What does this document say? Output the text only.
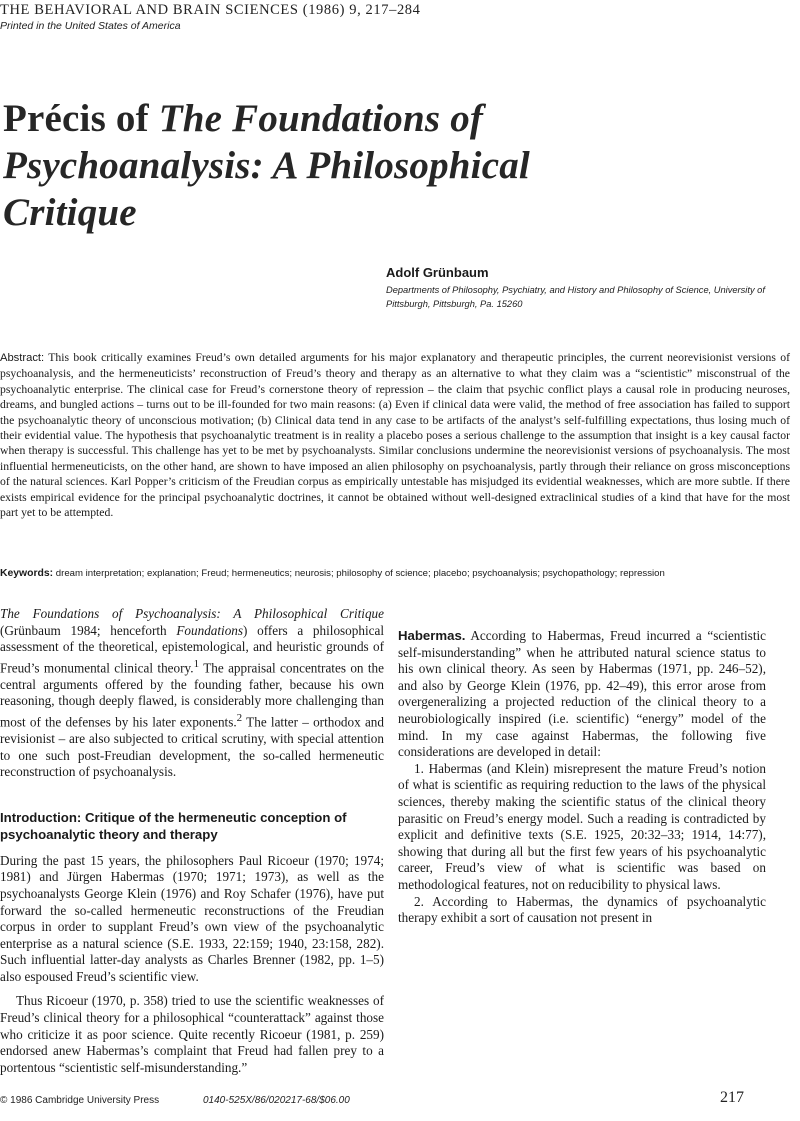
THE BEHAVIORAL AND BRAIN SCIENCES (1986) 9, 217–284
Printed in the United States of America
Précis of The Foundations of Psychoanalysis: A Philosophical Critique
Adolf Grünbaum
Departments of Philosophy, Psychiatry, and History and Philosophy of Science, University of Pittsburgh, Pittsburgh, Pa. 15260
Abstract: This book critically examines Freud’s own detailed arguments for his major explanatory and therapeutic principles, the current neorevisionist versions of psychoanalysis, and the hermeneuticists’ reconstruction of Freud’s theory and therapy as an alternative to what they claim was a “scientistic” misconstrual of the psychoanalytic enterprise. The clinical case for Freud’s cornerstone theory of repression – the claim that psychic conflict plays a causal role in producing neuroses, dreams, and bungled actions – turns out to be ill-founded for two main reasons: (a) Even if clinical data were valid, the method of free association has failed to support the psychoanalytic theory of unconscious motivation; (b) Clinical data tend in any case to be artifacts of the analyst’s self-fulfilling expectations, thus losing much of their evidential value. The hypothesis that psychoanalytic treatment is in reality a placebo poses a serious challenge to the assumption that insight is a key causal factor when therapy is successful. This challenge has yet to be met by psychoanalysts. Similar conclusions undermine the neorevisionist versions of psychoanalysis. The most influential hermeneuticists, on the other hand, are shown to have imposed an alien philosophy on psychoanalysis, partly through their reliance on gross misconceptions of the natural sciences. Karl Popper’s criticism of the Freudian corpus as empirically untestable has misjudged its evidential weaknesses, which are more subtle. If there exists empirical evidence for the principal psychoanalytic doctrines, it cannot be obtained without well-designed extraclinical studies of a kind that have for the most part yet to be attempted.
Keywords: dream interpretation; explanation; Freud; hermeneutics; neurosis; philosophy of science; placebo; psychoanalysis; psychopathology; repression

The Foundations of Psychoanalysis: A Philosophical Critique (Grünbaum 1984; henceforth Foundations) offers a philosophical assessment of the theoretical, epistemological, and heuristic grounds of Freud’s monumental clinical theory.$^1$ The appraisal concentrates on the central arguments offered by the founding father, because his own reasoning, though deeply flawed, is considerably more challenging than most of the defenses by his later exponents.$^2$ The latter – orthodox and revisionist – are also subjected to critical scrutiny, with special attention to one such post-Freudian development, the so-called hermeneutic reconstruction of psychoanalysis.

Introduction: Critique of the hermeneutic conception of psychoanalytic theory and therapy

During the past 15 years, the philosophers Paul Ricoeur (1970; 1974; 1981) and Jürgen Habermas (1970; 1971; 1973), as well as the psychoanalysts George Klein (1976) and Roy Schafer (1976), have put forward the so-called hermeneutic reconstructions of the Freudian corpus in order to supplant Freud’s own view of the psychoanalytic enterprise as a natural science (S.E. 1933, 22:159; 1940, 23:158, 282). Such influential latter-day analysts as Charles Brenner (1982, pp. 1–5) also espoused Freud’s scientific view.

Thus Ricoeur (1970, p. 358) tried to use the scientific weaknesses of Freud’s clinical theory for a philosophical “counterattack” against those who criticize it as poor science. Quite recently Ricoeur (1981, p. 259) endorsed anew Habermas’s complaint that Freud had fallen prey to a portentous “scientistic self-misunderstanding.”

Habermas. According to Habermas, Freud incurred a “scientistic self-misunderstanding” when he attributed natural science status to his own clinical theory. As seen by Habermas (1971, pp. 246–52), and also by George Klein (1976, pp. 42–49), this error arose from overgeneralizing a projected reduction of the clinical theory to a neurobiologically inspired (i.e. scientific) “energy” model of the mind. In my case against Habermas, the following five considerations are developed in detail:

1. Habermas (and Klein) misrepresent the mature Freud’s notion of what is scientific as requiring reduction to the laws of the physical sciences, thereby making the scientific status of the clinical theory parasitic on Freud’s energy model. Such a reading is contradicted by explicit and definitive texts (S.E. 1925, 20:32–33; 1914, 14:77), showing that during all but the first few years of his psychoanalytic career, Freud’s view of what is scientific was based on methodological features, not on reducibility to physical laws.

2. According to Habermas, the dynamics of psychoanalytic therapy exhibit a sort of causation not present in

© 1986 Cambridge University Press	0140-525X/86/020217-68/$06.00	217
